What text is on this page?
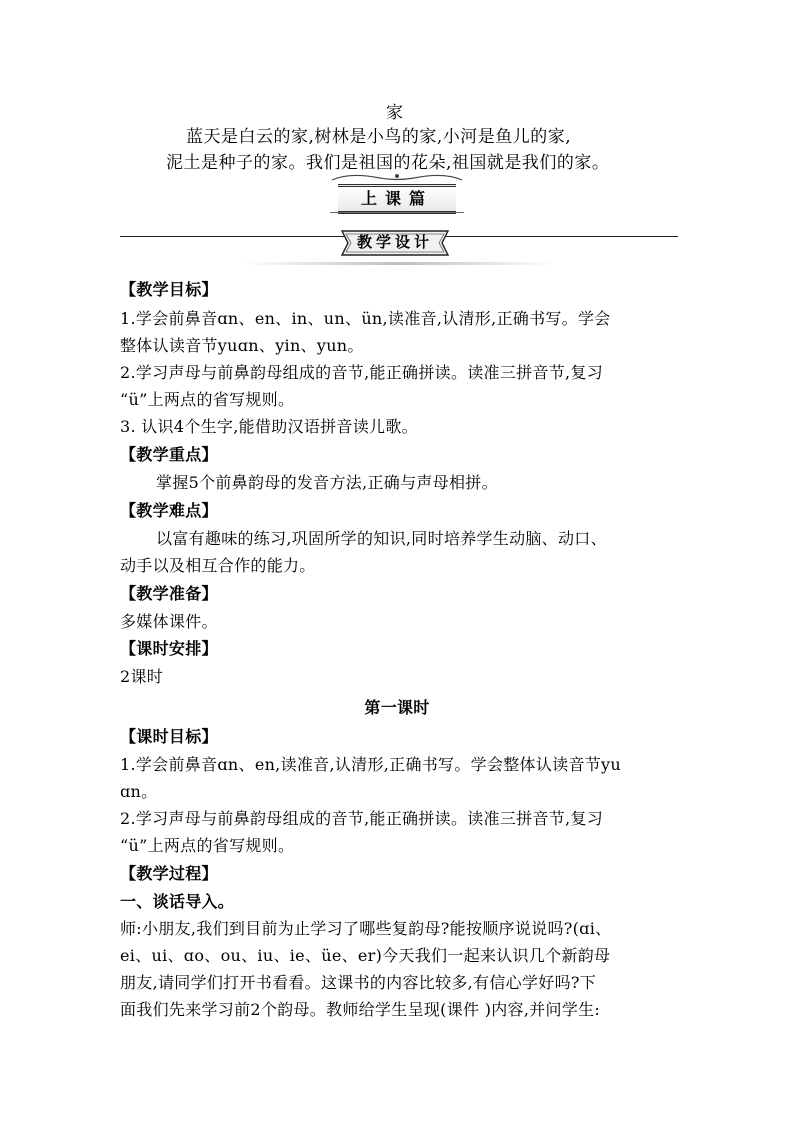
家
蓝天是白云的家,树林是小鸟的家,小河是鱼儿的家,
泥土是种子的家。我们是祖国的花朵,祖国就是我们的家。
上课篇
教学设计
【教学目标】
1.学会前鼻音ɑn、en、in、un、ün,读准音,认清形,正确书写。学会
整体认读音节yuɑn、yin、yun。
2.学习声母与前鼻韵母组成的音节,能正确拼读。读准三拼音节,复习
“ü”上两点的省写规则。
3. 认识4个生字,能借助汉语拼音读儿歌。
【教学重点】
掌握5个前鼻韵母的发音方法,正确与声母相拼。
【教学难点】
以富有趣味的练习,巩固所学的知识,同时培养学生动脑、动口、
动手以及相互合作的能力。
【教学准备】
多媒体课件。
【课时安排】
2课时
第一课时
【课时目标】
1.学会前鼻音ɑn、en,读准音,认清形,正确书写。学会整体认读音节yu
ɑn。
2.学习声母与前鼻韵母组成的音节,能正确拼读。读准三拼音节,复习
“ü”上两点的省写规则。
【教学过程】
一、谈话导入。
师:小朋友,我们到目前为止学习了哪些复韵母?能按顺序说说吗?(ɑi、
ei、ui、ɑo、ou、iu、ie、üe、er)今天我们一起来认识几个新韵母
朋友,请同学们打开书看看。这课书的内容比较多,有信心学好吗?下
面我们先来学习前2个韵母。教师给学生呈现(课件 )内容,并问学生:
